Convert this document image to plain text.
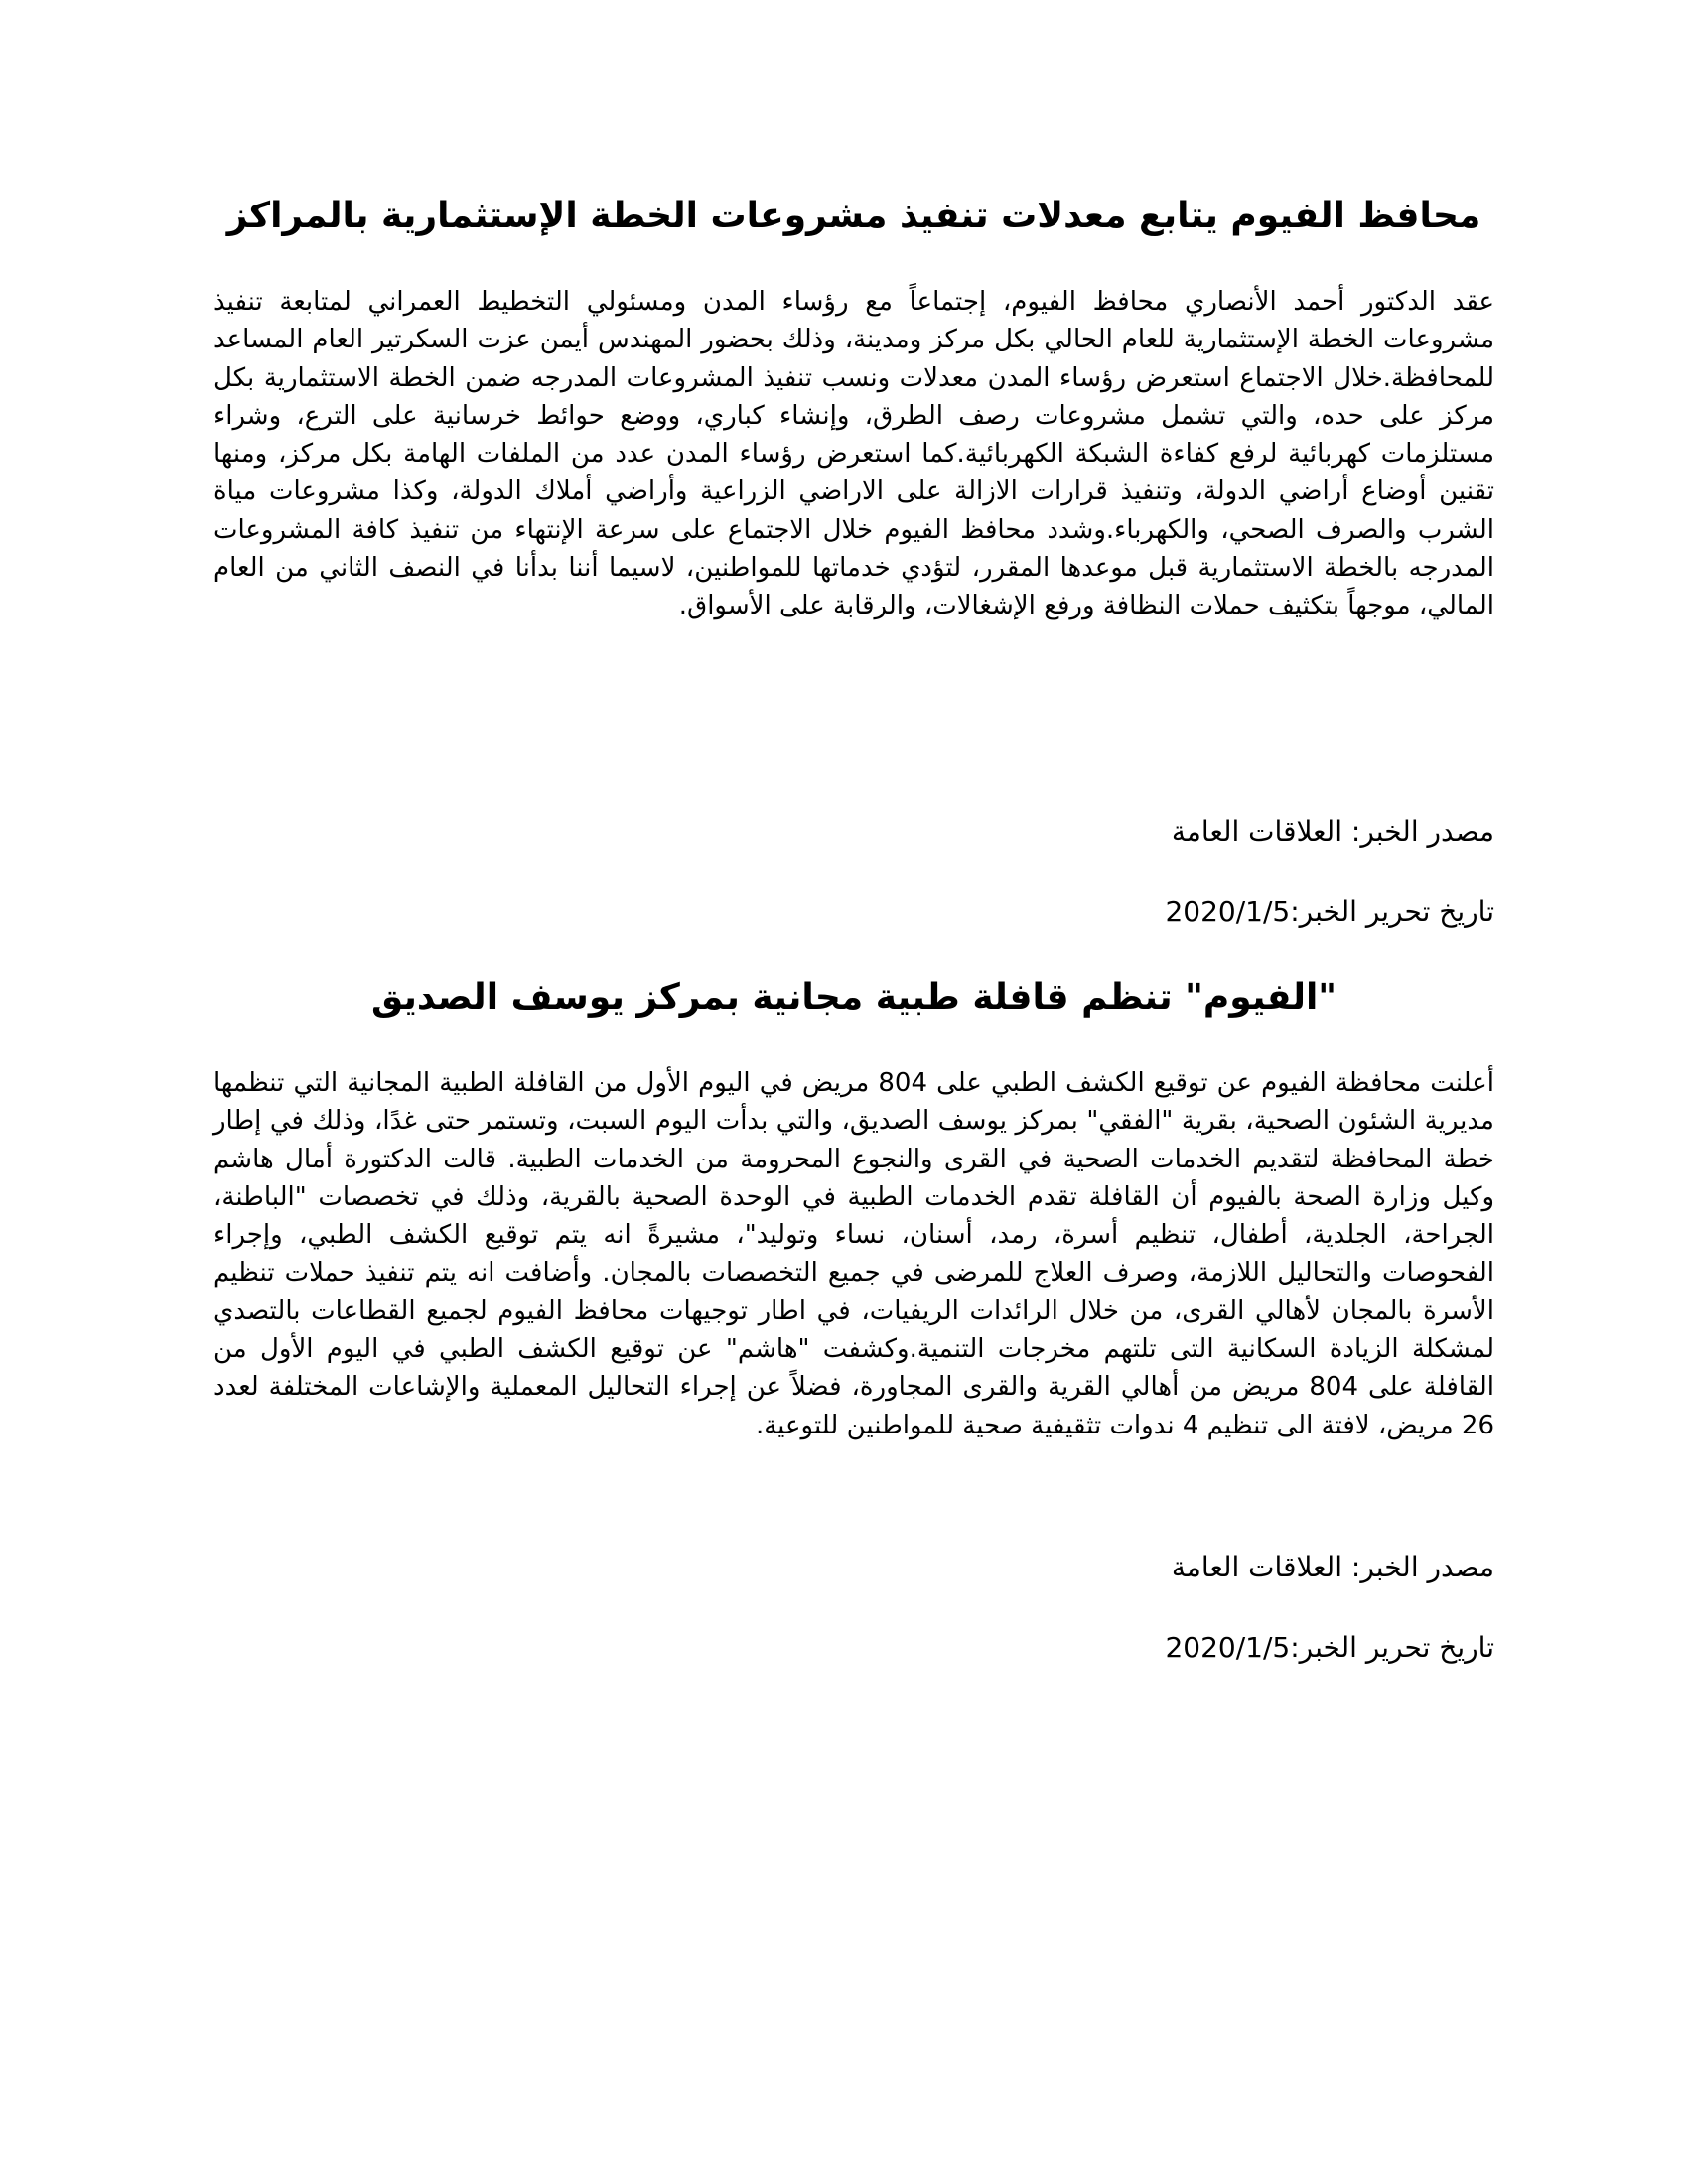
محافظ الفيوم يتابع معدلات تنفيذ مشروعات الخطة الإستثمارية بالمراكز

عقد الدكتور أحمد الأنصاري محافظ الفيوم، إجتماعاً مع رؤساء المدن ومسئولي التخطيط العمراني لمتابعة تنفيذ مشروعات الخطة الإستثمارية للعام الحالي بكل مركز ومدينة، وذلك بحضور المهندس أيمن عزت السكرتير العام المساعد للمحافظة.خلال الاجتماع استعرض رؤساء المدن معدلات ونسب تنفيذ المشروعات المدرجه ضمن الخطة الاستثمارية بكل مركز على حده، والتي تشمل مشروعات رصف الطرق، وإنشاء كباري، ووضع حوائط خرسانية على الترع، وشراء مستلزمات كهربائية لرفع كفاءة الشبكة الكهربائية.كما استعرض رؤساء المدن عدد من الملفات الهامة بكل مركز، ومنها تقنين أوضاع أراضي الدولة، وتنفيذ قرارات الازالة على الاراضي الزراعية وأراضي أملاك الدولة، وكذا مشروعات مياة الشرب والصرف الصحي، والكهرباء.وشدد محافظ الفيوم خلال الاجتماع على سرعة الإنتهاء من تنفيذ كافة المشروعات المدرجه بالخطة الاستثمارية قبل موعدها المقرر، لتؤدي خدماتها للمواطنين، لاسيما أننا بدأنا في النصف الثاني من العام المالي، موجهاً بتكثيف حملات النظافة ورفع الإشغالات، والرقابة على الأسواق.

مصدر الخبر: العلاقات العامة

تاريخ تحرير الخبر:2020/1/5

"الفيوم" تنظم قافلة طبية مجانية بمركز يوسف الصديق

أعلنت محافظة الفيوم عن توقيع الكشف الطبي على 804 مريض في اليوم الأول من القافلة الطبية المجانية التي تنظمها مديرية الشئون الصحية، بقرية "الفقي" بمركز يوسف الصديق، والتي بدأت اليوم السبت، وتستمر حتى غدًا، وذلك في إطار خطة المحافظة لتقديم الخدمات الصحية في القرى والنجوع المحرومة من الخدمات الطبية. قالت الدكتورة أمال هاشم وكيل وزارة الصحة بالفيوم أن القافلة تقدم الخدمات الطبية في الوحدة الصحية بالقرية، وذلك في تخصصات "الباطنة، الجراحة، الجلدية، أطفال، تنظيم أسرة، رمد، أسنان، نساء وتوليد"، مشيرةً انه يتم توقيع الكشف الطبي، وإجراء الفحوصات والتحاليل اللازمة، وصرف العلاج للمرضى في جميع التخصصات بالمجان. وأضافت انه يتم تنفيذ حملات تنظيم الأسرة بالمجان لأهالي القرى، من خلال الرائدات الريفيات، في اطار توجيهات محافظ الفيوم لجميع القطاعات بالتصدي لمشكلة الزيادة السكانية التى تلتهم مخرجات التنمية.وكشفت "هاشم" عن توقيع الكشف الطبي في اليوم الأول من القافلة على 804 مريض من أهالي القرية والقرى المجاورة، فضلاً عن إجراء التحاليل المعملية والإشاعات المختلفة لعدد 26 مريض، لافتة الى تنظيم 4 ندوات تثقيفية صحية للمواطنين للتوعية.

مصدر الخبر: العلاقات العامة

تاريخ تحرير الخبر:2020/1/5
